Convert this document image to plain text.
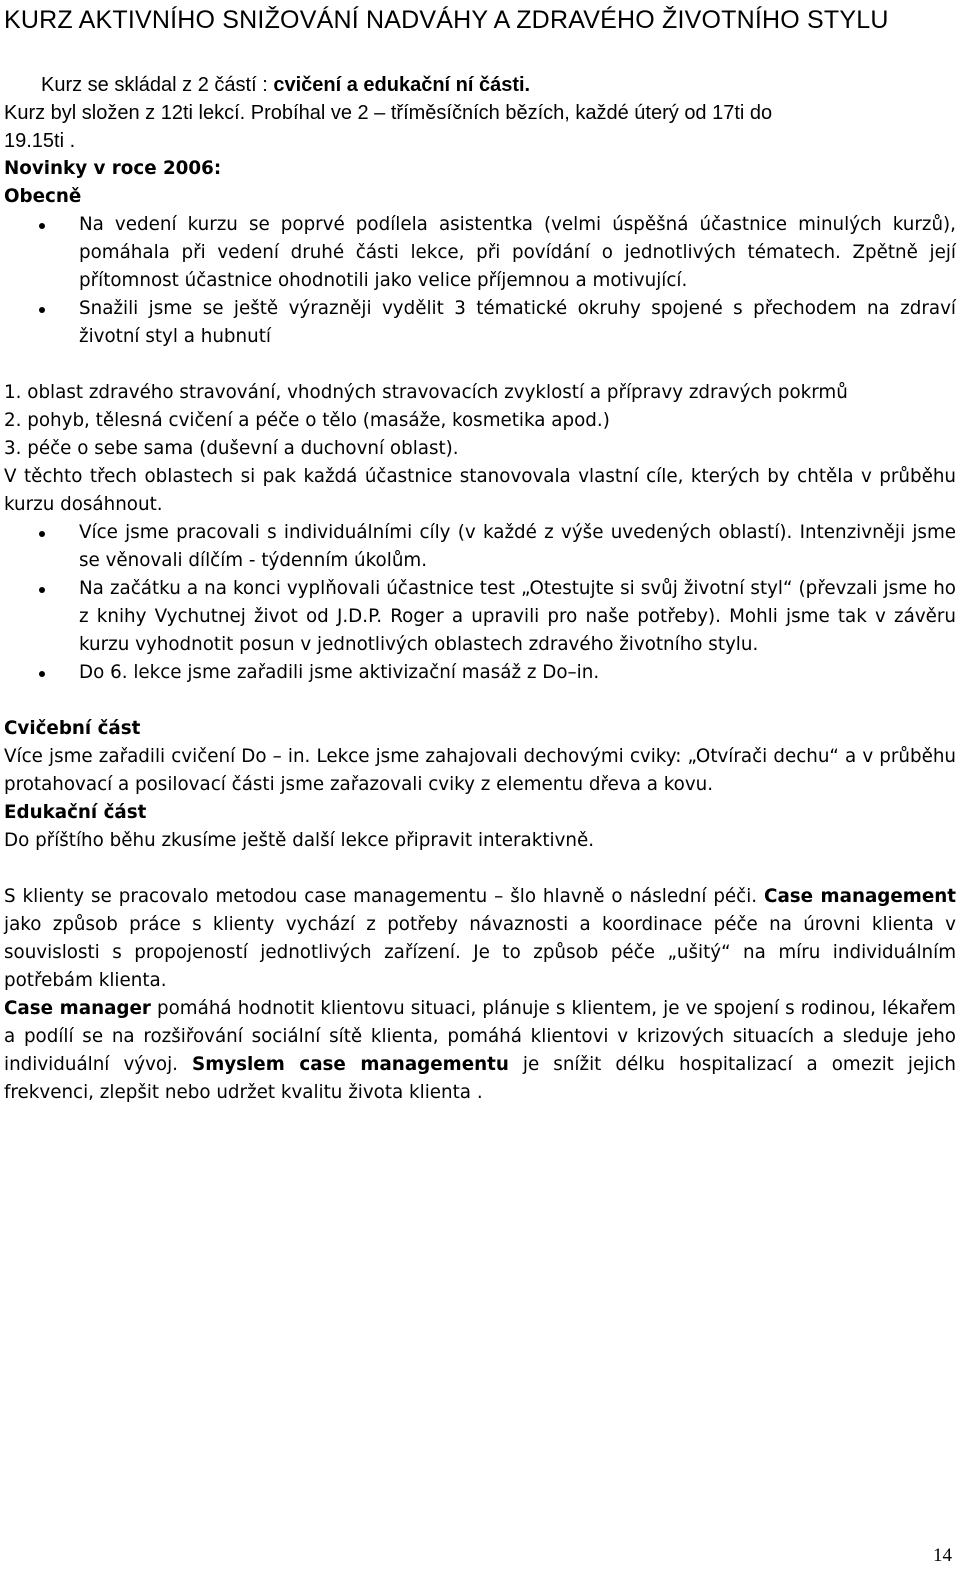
KURZ AKTIVNÍHO SNIŽOVÁNÍ NADVÁHY A ZDRAVÉHO ŽIVOTNÍHO STYLU
Kurz se skládal z 2 částí : cvičení a edukační ní části.
Kurz byl složen z 12ti lekcí. Probíhal ve 2 – tříměsíčních bězích, každé úterý od 17ti do 19.15ti .
Novinky v roce 2006:
Obecně
Na vedení kurzu se poprvé podílela asistentka (velmi úspěšná účastnice minulých kurzů), pomáhala při vedení druhé části lekce, při povídání o jednotlivých tématech. Zpětně její přítomnost účastnice ohodnotili jako velice příjemnou a motivující.
Snažili jsme se ještě výrazněji vydělit 3 tématické okruhy spojené s přechodem na zdraví životní styl a hubnutí
1. oblast zdravého stravování, vhodných stravovacích zvyklostí a přípravy zdravých pokrmů
2. pohyb, tělesná cvičení a péče o tělo (masáže, kosmetika apod.)
3. péče o sebe sama (duševní a duchovní oblast).
V těchto třech oblastech si pak každá účastnice stanovovala vlastní cíle, kterých by chtěla v průběhu kurzu dosáhnout.
Více jsme pracovali s individuálními cíly (v každé z výše uvedených oblastí). Intenzivněji jsme se věnovali dílčím - týdenním úkolům.
Na začátku a na konci vyplňovali účastnice test „Otestujte si svůj životní styl“ (převzali jsme ho z knihy Vychutnej život od J.D.P. Roger a upravili pro naše potřeby). Mohli jsme tak v závěru kurzu vyhodnotit posun v jednotlivých oblastech zdravého životního stylu.
Do 6. lekce jsme zařadili jsme aktivizační masáž z Do–in.
Cvičební část
Více jsme zařadili cvičení Do – in. Lekce jsme zahajovali dechovými cviky: „Otvírači dechu“ a v průběhu protahovací a posilovací části jsme zařazovali cviky z elementu dřeva a kovu.
Edukační část
Do příštího běhu zkusíme ještě další lekce připravit interaktivně.
S klienty se pracovalo metodou case managementu – šlo hlavně o následní péči. Case management jako způsob práce s klienty vychází z potřeby návaznosti a koordinace péče na úrovni klienta v souvislosti s propojeností jednotlivých zařízení. Je to způsob péče „ušitý“ na míru individuálním potřebám klienta.
Case manager pomáhá hodnotit klientovu situaci, plánuje s klientem, je ve spojení s rodinou, lékařem a podílí se na rozšiřování sociální sítě klienta, pomáhá klientovi v krizových situacích a sleduje jeho individuální vývoj. Smyslem case managementu je snížit délku hospitalizací a omezit jejich frekvenci, zlepšit nebo udržet kvalitu života klienta .
14
